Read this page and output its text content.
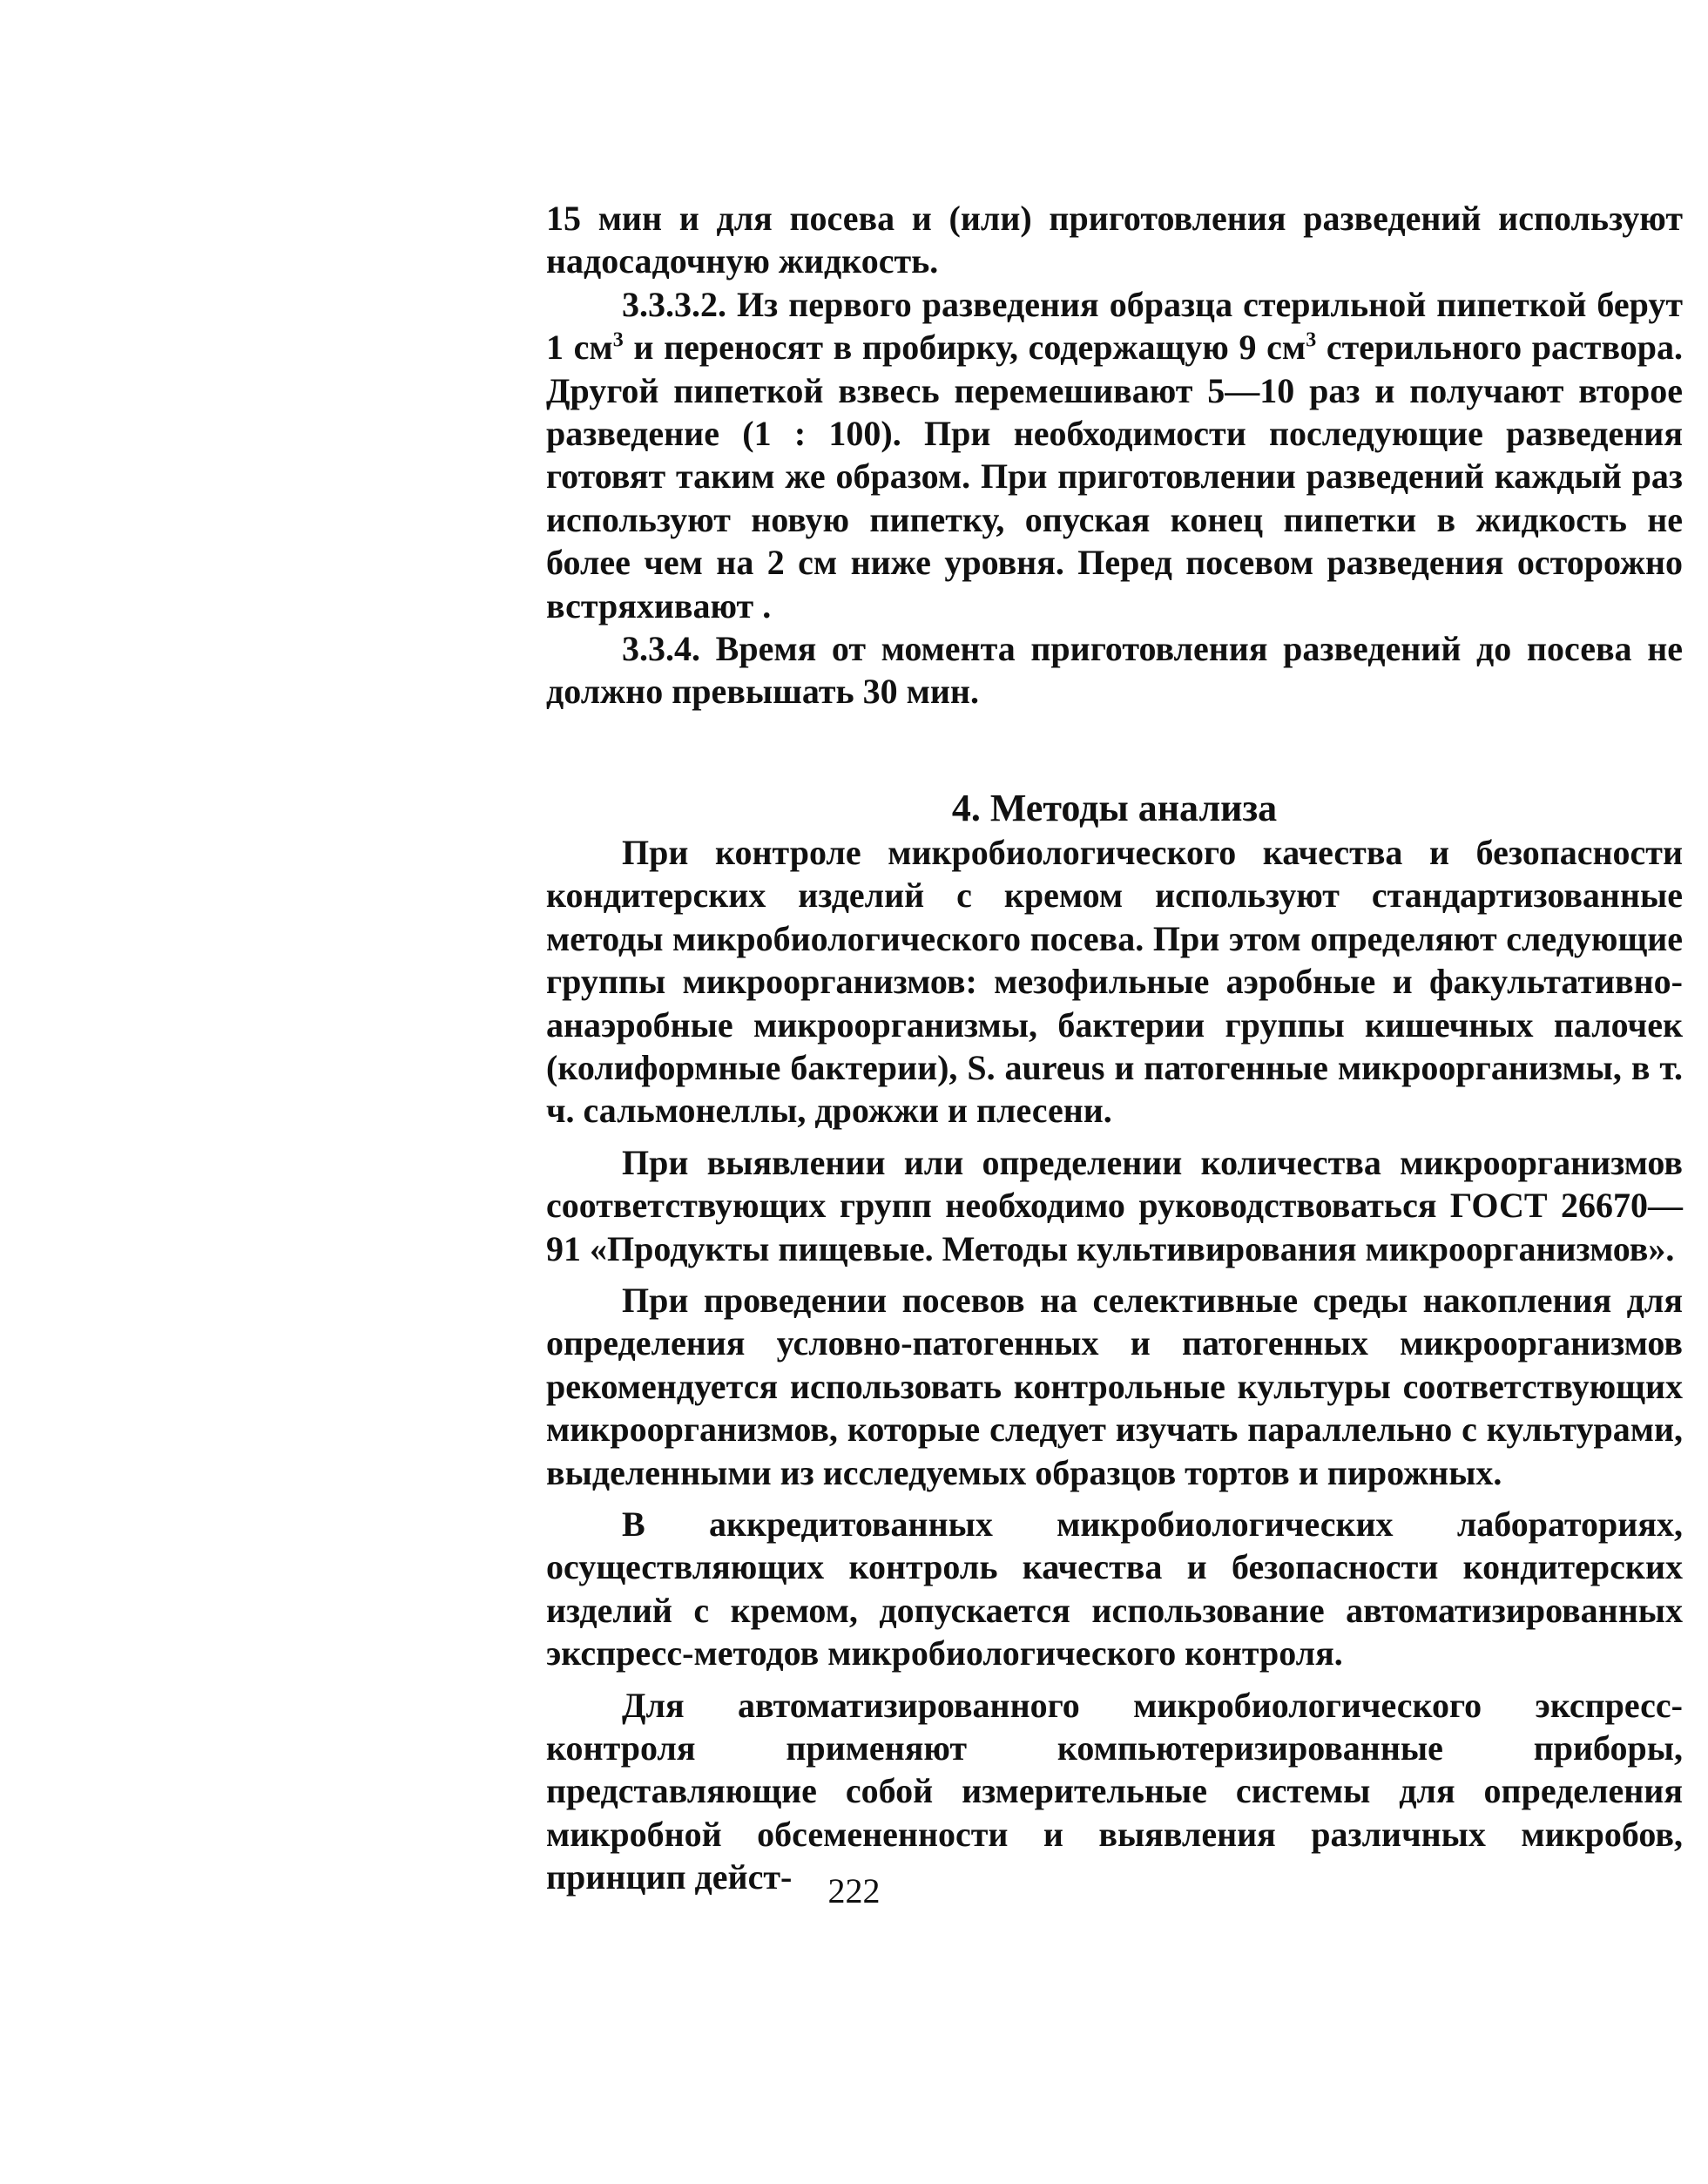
15 мин и для посева и (или) приготовления разведений используют надосадочную жидкость.

3.3.3.2. Из первого разведения образца стерильной пипеткой берут 1 $см^3$ и переносят в пробирку, содержащую 9 $см^3$ стерильного раствора. Другой пипеткой взвесь перемешивают 5—10 раз и получают второе разведение (1 : 100). При необходимости последующие разведения готовят таким же образом. При приготовлении разведений каждый раз используют новую пипетку, опуская конец пипетки в жидкость не более чем на 2 см ниже уровня. Перед посевом разведения осторожно встряхивают .

3.3.4. Время от момента приготовления разведений до посева не должно превышать 30 мин.

4. Методы анализа

При контроле микробиологического качества и безопасности кондитерских изделий с кремом используют стандартизованные методы микробиологического посева. При этом определяют следующие группы микроорганизмов: мезофильные аэробные и факультативно-анаэробные микроорганизмы, бактерии группы кишечных палочек (колиформные бактерии), S. aureus и патогенные микроорганизмы, в т. ч. сальмонеллы, дрожжи и плесени.

При выявлении или определении количества микроорганизмов соответствующих групп необходимо руководствоваться ГОСТ 26670—91 «Продукты пищевые. Методы культивирования микроорганизмов».

При проведении посевов на селективные среды накопления для определения условно-патогенных и патогенных микроорганизмов рекомендуется использовать контрольные культуры соответствующих микроорганизмов, которые следует изучать параллельно с культурами, выделенными из исследуемых образцов тортов и пирожных.

В аккредитованных микробиологических лабораториях, осуществляющих контроль качества и безопасности кондитерских изделий с кремом, допускается использование автоматизированных экспресс-методов микробиологического контроля.

Для автоматизированного микробиологического экспресс-контроля применяют компьютеризированные приборы, представляющие собой измерительные системы для определения микробной обсемененности и выявления различных микробов, принцип дейст-	222
